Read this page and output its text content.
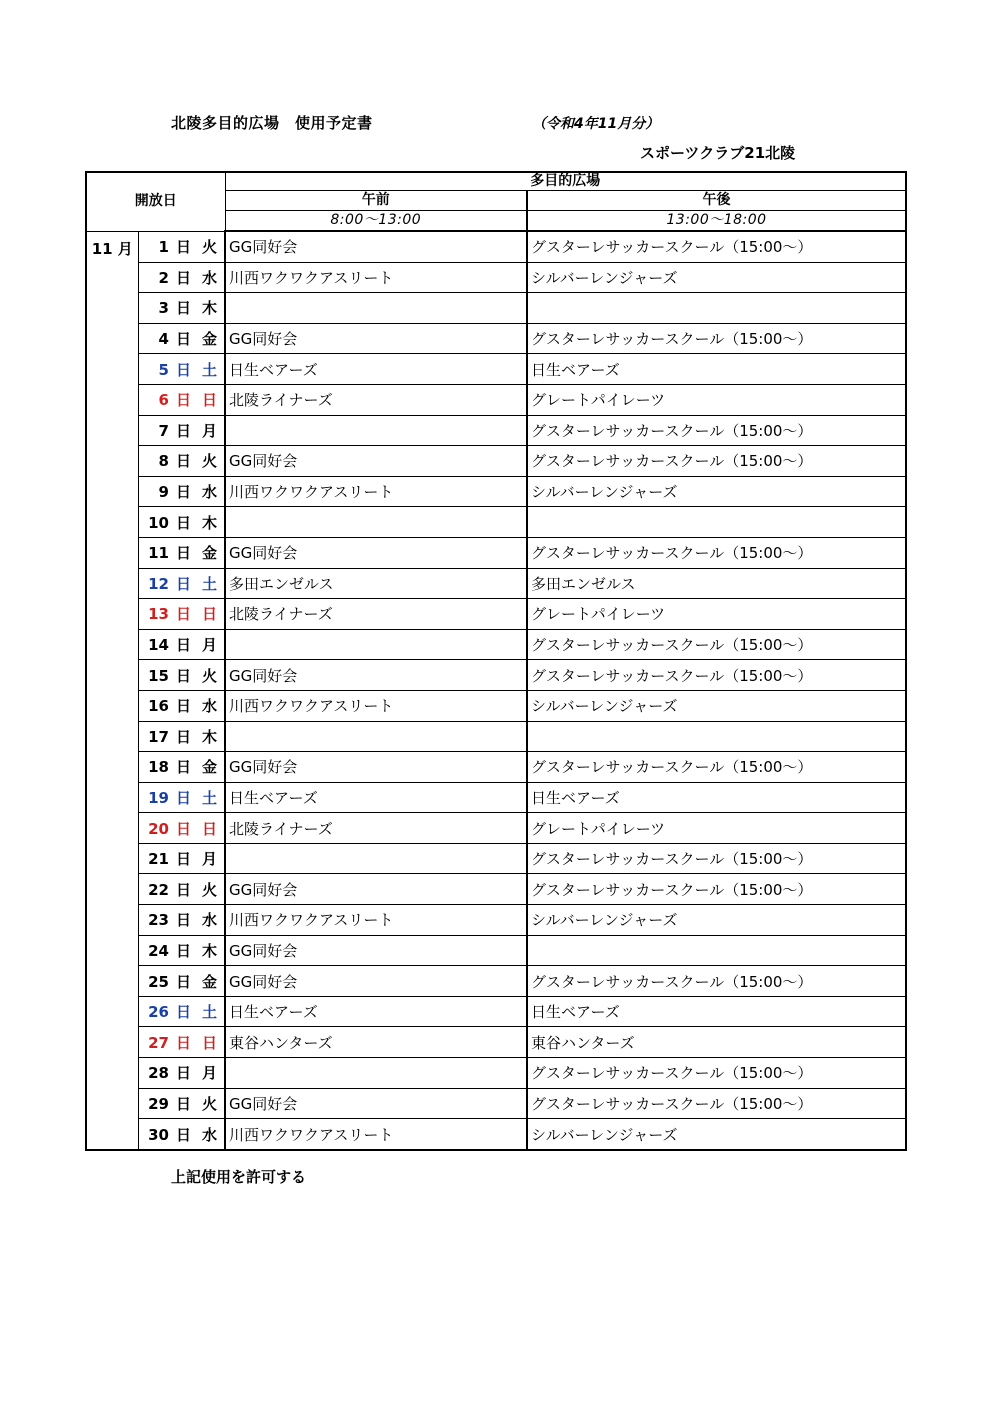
北陵多目的広場　使用予定書	（令和4年11月分）
スポーツクラブ21北陵
開放日			多目的広場	
			午前	午後
			8:00〜13:00	13:00〜18:00
11 月	1 日	火	GG同好会	グスターレサッカースクール（15:00〜）
	2 日	水	川西ワクワクアスリート	シルバーレンジャーズ
	3 日	木		
	4 日	金	GG同好会	グスターレサッカースクール（15:00〜）
	5 日	土	日生ベアーズ	日生ベアーズ
	6 日	日	北陵ライナーズ	グレートパイレーツ
	7 日	月		グスターレサッカースクール（15:00〜）
	8 日	火	GG同好会	グスターレサッカースクール（15:00〜）
	9 日	水	川西ワクワクアスリート	シルバーレンジャーズ
	10 日	木		
	11 日	金	GG同好会	グスターレサッカースクール（15:00〜）
	12 日	土	多田エンゼルス	多田エンゼルス
	13 日	日	北陵ライナーズ	グレートパイレーツ
	14 日	月		グスターレサッカースクール（15:00〜）
	15 日	火	GG同好会	グスターレサッカースクール（15:00〜）
	16 日	水	川西ワクワクアスリート	シルバーレンジャーズ
	17 日	木		
	18 日	金	GG同好会	グスターレサッカースクール（15:00〜）
	19 日	土	日生ベアーズ	日生ベアーズ
	20 日	日	北陵ライナーズ	グレートパイレーツ
	21 日	月		グスターレサッカースクール（15:00〜）
	22 日	火	GG同好会	グスターレサッカースクール（15:00〜）
	23 日	水	川西ワクワクアスリート	シルバーレンジャーズ
	24 日	木	GG同好会	
	25 日	金	GG同好会	グスターレサッカースクール（15:00〜）
	26 日	土	日生ベアーズ	日生ベアーズ
	27 日	日	東谷ハンターズ	東谷ハンターズ
	28 日	月		グスターレサッカースクール（15:00〜）
	29 日	火	GG同好会	グスターレサッカースクール（15:00〜）
	30 日	水	川西ワクワクアスリート	シルバーレンジャーズ
上記使用を許可する
